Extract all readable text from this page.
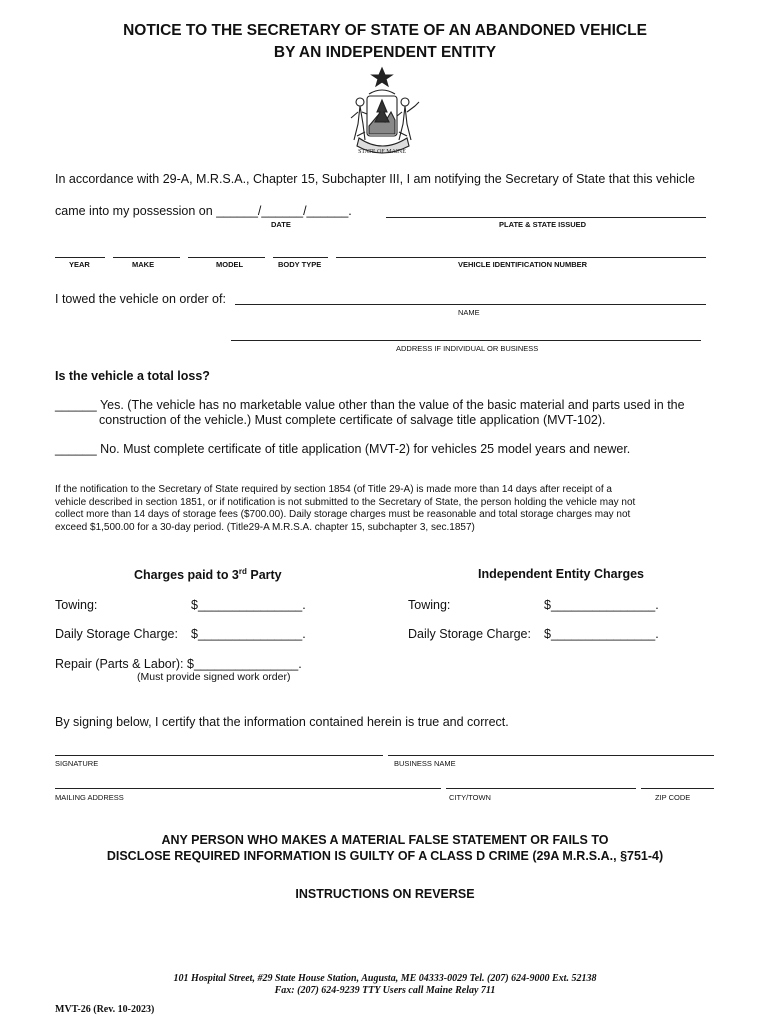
NOTICE TO THE SECRETARY OF STATE OF AN ABANDONED VEHICLE
BY AN INDEPENDENT ENTITY
STATE OF MAINE
In accordance with 29-A, M.R.S.A., Chapter 15, Subchapter III, I am notifying the Secretary of State that this vehicle
came into my possession on ______/______/______.
DATE	PLATE & STATE ISSUED
YEAR	MAKE	MODEL	BODY TYPE	VEHICLE IDENTIFICATION NUMBER
I towed the vehicle on order of:
NAME
ADDRESS IF INDIVIDUAL OR BUSINESS
Is the vehicle a total loss?
______ Yes. (The vehicle has no marketable value other than the value of the basic material and parts used in the
construction of the vehicle.) Must complete certificate of salvage title application (MVT-102).
______ No. Must complete certificate of title application (MVT-2) for vehicles 25 model years and newer.
If the notification to the Secretary of State required by section 1854 (of Title 29-A) is made more than 14 days after receipt of a
vehicle described in section 1851, or if notification is not submitted to the Secretary of State, the person holding the vehicle may not
collect more than 14 days of storage fees ($700.00). Daily storage charges must be reasonable and total storage charges may not
exceed $1,500.00 for a 30-day period. (Title29-A M.R.S.A. chapter 15, subchapter 3, sec.1857)
Charges paid to 3rd Party	Independent Entity Charges
Towing:	$_______________.	Towing:	$_______________.
Daily Storage Charge: $_______________.	Daily Storage Charge: $_______________.
Repair (Parts & Labor): $_______________.
(Must provide signed work order)
By signing below, I certify that the information contained herein is true and correct.
SIGNATURE	BUSINESS NAME
MAILING ADDRESS	CITY/TOWN	ZIP CODE
ANY PERSON WHO MAKES A MATERIAL FALSE STATEMENT OR FAILS TO
DISCLOSE REQUIRED INFORMATION IS GUILTY OF A CLASS D CRIME (29A M.R.S.A., §751-4)
INSTRUCTIONS ON REVERSE
101 Hospital Street, #29 State House Station, Augusta, ME 04333-0029 Tel. (207) 624-9000 Ext. 52138
Fax: (207) 624-9239 TTY Users call Maine Relay 711
MVT-26 (Rev. 10-2023)
